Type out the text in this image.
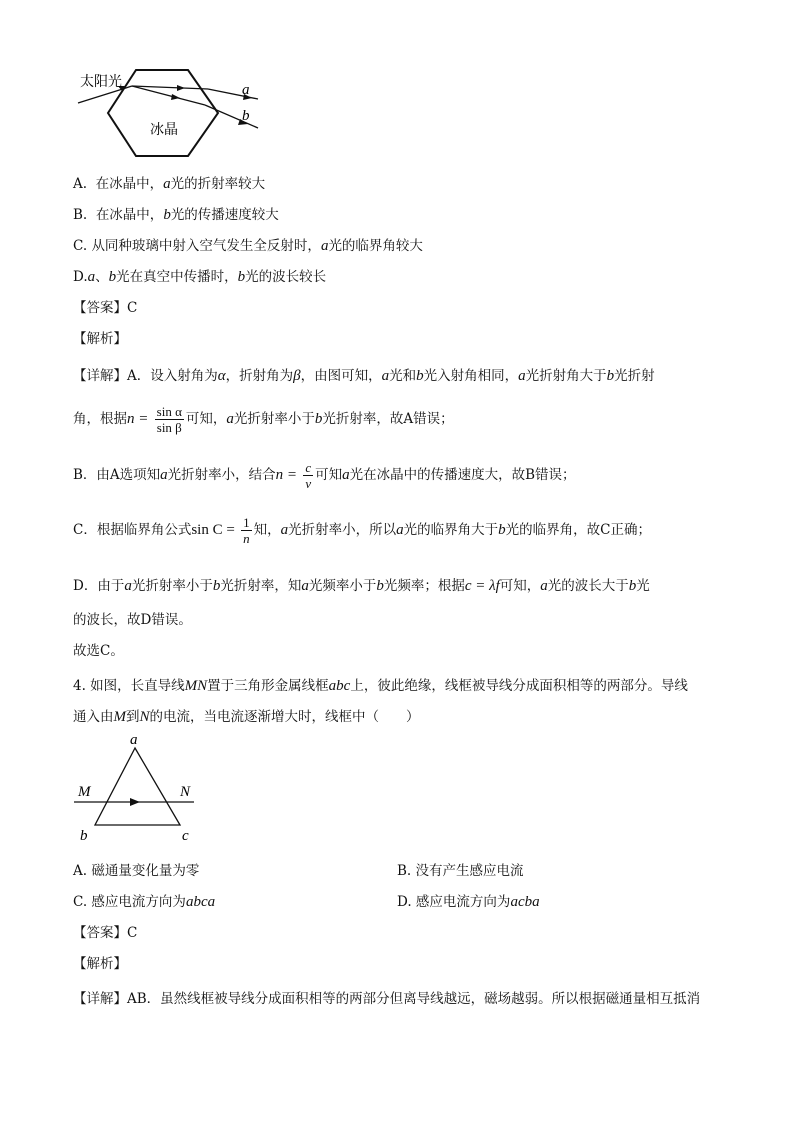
太阳光
冰晶
a
b
A. 在冰晶中，a光的折射率较大
B. 在冰晶中，b光的传播速度较大
C. 从同种玻璃中射入空气发生全反射时，a光的临界角较大
D.a、b光在真空中传播时，b光的波长较长
【答案】C
【解析】
【详解】A．设入射角为α，折射角为β，由图可知，a光和b光入射角相同，a光折射角大于b光折射
角，根据$n = \frac{\text{sin α}}{\text{sin β}}$ 可知，a光折射率小于b光折射率，故A错误；
B．由A选项知a光折射率小，结合$n = \frac{c}{v}$ 可知a光在冰晶中的传播速度大，故B错误；
C．根据临界角公式$\sin C = \frac{1}{n}$ 知，a光折射率小，所以a光的临界角大于b光的临界角，故C正确；
D．由于a光折射率小于b光折射率，知a光频率小于b光频率；根据c = λf可知，a光的波长大于b光
的波长，故D错误。
故选C。
4. 如图，长直导线MN置于三角形金属线框abc上，彼此绝缘，线框被导线分成面积相等的两部分。导线
通入由M到N的电流，当电流逐渐增大时，线框中（　　）
a
M	N
b	c
A. 磁通量变化量为零	B. 没有产生感应电流
C. 感应电流方向为abca	D. 感应电流方向为acba
【答案】C
【解析】
【详解】AB．虽然线框被导线分成面积相等的两部分但离导线越远，磁场越弱。所以根据磁通量相互抵消
